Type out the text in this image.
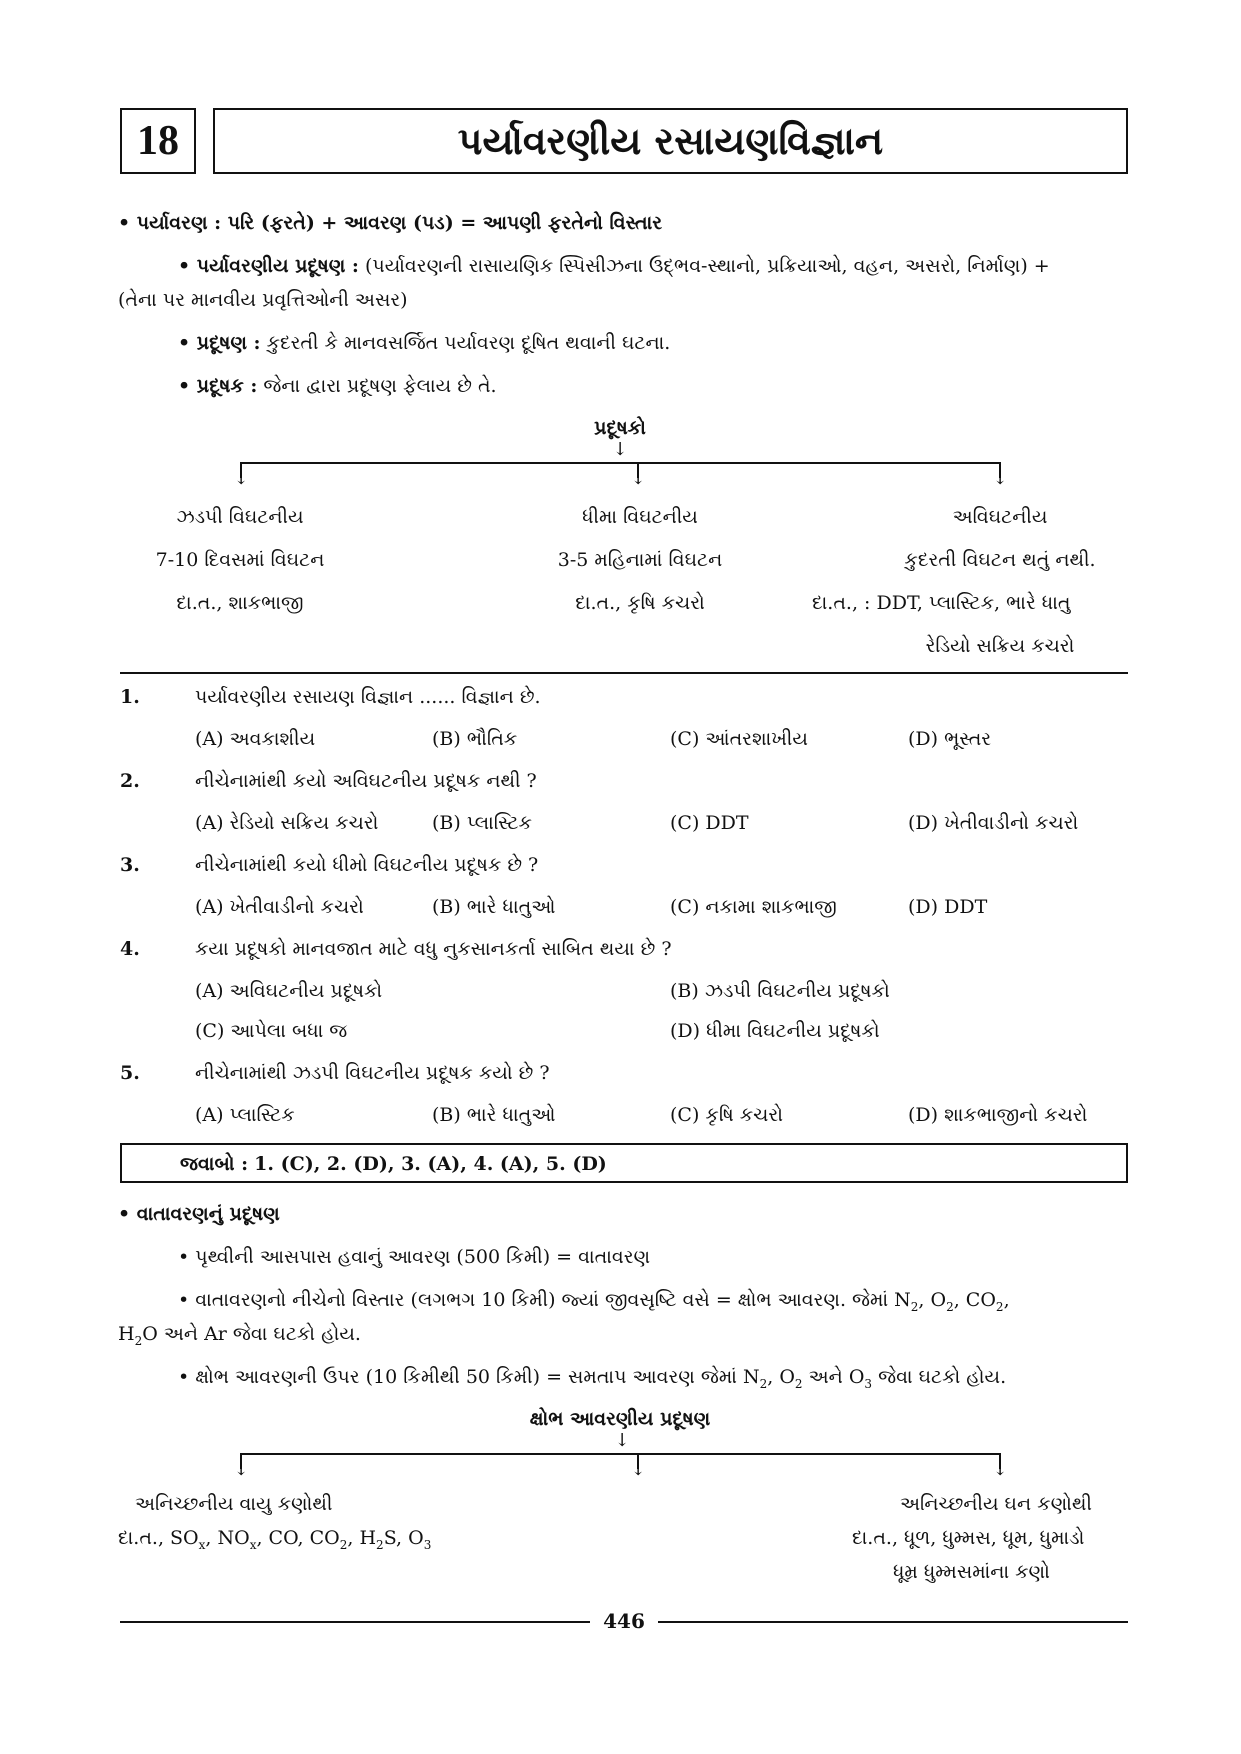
18	પર્યાવરણીય રસાયણવિજ્ઞાન
• પર્યાવરણ : પરિ (ફરતે) + આવરણ (પડ) = આપણી ફરતેનો વિસ્તાર
• પર્યાવરણીય પ્રદૂષણ : (પર્યાવરણની રાસાયણિક સ્પિસીઝના ઉદ્ભવ-સ્થાનો, પ્રક્રિયાઓ, વહન, અસરો, નિર્માણ) +
(તેના પર માનવીય પ્રવૃત્તિઓની અસર)
• પ્રદૂષણ : કુદરતી કે માનવસર્જિત પર્યાવરણ દૂષિત થવાની ઘટના.
• પ્રદૂષક : જેના દ્વારા પ્રદૂષણ ફેલાય છે તે.
પ્રદૂષકો
↓
↓	↓	↓
ઝડપી વિઘટનીય
7-10 દિવસમાં વિઘટન
દા.ત., શાકભાજી
ધીમા વિઘટનીય
3-5 મહિનામાં વિઘટન
દા.ત., કૃષિ કચરો
અવિઘટનીય
કુદરતી વિઘટન થતું નથી.
દા.ત., : DDT, પ્લાસ્ટિક, ભારે ધાતુ
રેડિયો સક્રિય કચરો
1.	પર્યાવરણીય રસાયણ વિજ્ઞાન ...... વિજ્ઞાન છે.
(A) અવકાશીય	(B) ભૌતિક	(C) આંતરશાખીય	(D) ભૂસ્તર
2.	નીચેનામાંથી કયો અવિઘટનીય પ્રદૂષક નથી ?
(A) રેડિયો સક્રિય કચરો	(B) પ્લાસ્ટિક	(C) DDT	(D) ખેતીવાડીનો કચરો
3.	નીચેનામાંથી કયો ધીમો વિઘટનીય પ્રદૂષક છે ?
(A) ખેતીવાડીનો કચરો	(B) ભારે ધાતુઓ	(C) નકામા શાકભાજી	(D) DDT
4.	કયા પ્રદૂષકો માનવજાત માટે વધુ નુકસાનકર્તા સાબિત થયા છે ?
(A) અવિઘટનીય પ્રદૂષકો	(B) ઝડપી વિઘટનીય પ્રદૂષકો
(C) આપેલા બધા જ	(D) ધીમા વિઘટનીય પ્રદૂષકો
5.	નીચેનામાંથી ઝડપી વિઘટનીય પ્રદૂષક કયો છે ?
(A) પ્લાસ્ટિક	(B) ભારે ધાતુઓ	(C) કૃષિ કચરો	(D) શાકભાજીનો કચરો
જવાબો : 1. (C), 2. (D), 3. (A), 4. (A), 5. (D)
• વાતાવરણનું પ્રદૂષણ
• પૃથ્વીની આસપાસ હવાનું આવરણ (500 કિમી) = વાતાવરણ
• વાતાવરણનો નીચેનો વિસ્તાર (લગભગ 10 કિમી) જ્યાં જીવસૃષ્ટિ વસે = ક્ષોભ આવરણ. જેમાં $N_2$, $O_2$, $CO_2$,
$H_2O$ અને Ar જેવા ઘટકો હોય.
• ક્ષોભ આવરણની ઉપર (10 કિમીથી 50 કિમી) = સમતાપ આવરણ જેમાં $N_2$, $O_2$ અને $O_3$ જેવા ઘટકો હોય.
ક્ષોભ આવરણીય પ્રદૂષણ
↓
↓	↓	↓
અનિચ્છનીય વાયુ કણોથી
દા.ત., $SO_x$, $NO_x$, CO, $CO_2$, $H_2S$, $O_3$
અનિચ્છનીય ઘન કણોથી
દા.ત., ધૂળ, ધુમ્મસ, ધૂમ, ધુમાડો
ધૂમ્ર ધુમ્મસમાંના કણો
446
